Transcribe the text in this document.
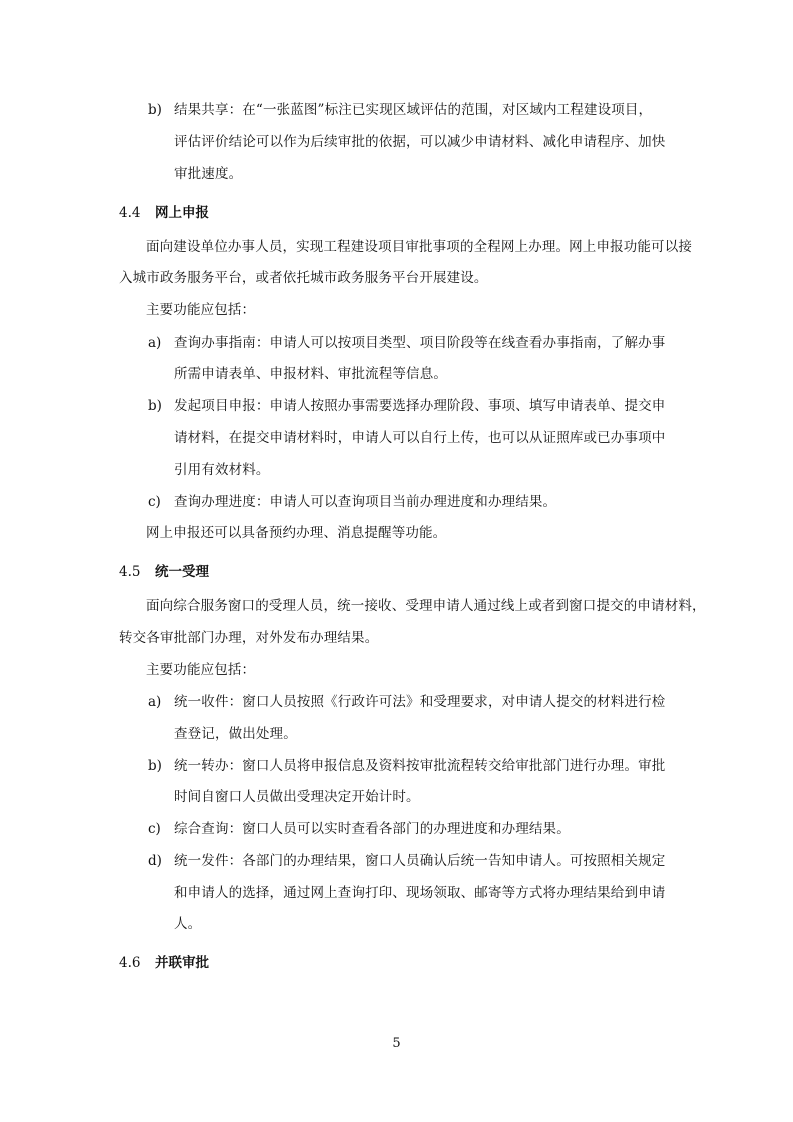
b) 结果共享：在“一张蓝图”标注已实现区域评估的范围，对区域内工程建设项目，
评估评价结论可以作为后续审批的依据，可以减少申请材料、减化申请程序、加快
审批速度。
4.4 网上申报
面向建设单位办事人员，实现工程建设项目审批事项的全程网上办理。网上申报功能可以接
入城市政务服务平台，或者依托城市政务服务平台开展建设。
主要功能应包括：
a) 查询办事指南：申请人可以按项目类型、项目阶段等在线查看办事指南，了解办事
所需申请表单、申报材料、审批流程等信息。
b) 发起项目申报：申请人按照办事需要选择办理阶段、事项、填写申请表单、提交申
请材料，在提交申请材料时，申请人可以自行上传，也可以从证照库或已办事项中
引用有效材料。
c) 查询办理进度：申请人可以查询项目当前办理进度和办理结果。
网上申报还可以具备预约办理、消息提醒等功能。
4.5 统一受理
面向综合服务窗口的受理人员，统一接收、受理申请人通过线上或者到窗口提交的申请材料，
转交各审批部门办理，对外发布办理结果。
主要功能应包括：
a) 统一收件：窗口人员按照《行政许可法》和受理要求，对申请人提交的材料进行检
查登记，做出处理。
b) 统一转办：窗口人员将申报信息及资料按审批流程转交给审批部门进行办理。审批
时间自窗口人员做出受理决定开始计时。
c) 综合查询：窗口人员可以实时查看各部门的办理进度和办理结果。
d) 统一发件：各部门的办理结果，窗口人员确认后统一告知申请人。可按照相关规定
和申请人的选择，通过网上查询打印、现场领取、邮寄等方式将办理结果给到申请
人。
4.6 并联审批
5
